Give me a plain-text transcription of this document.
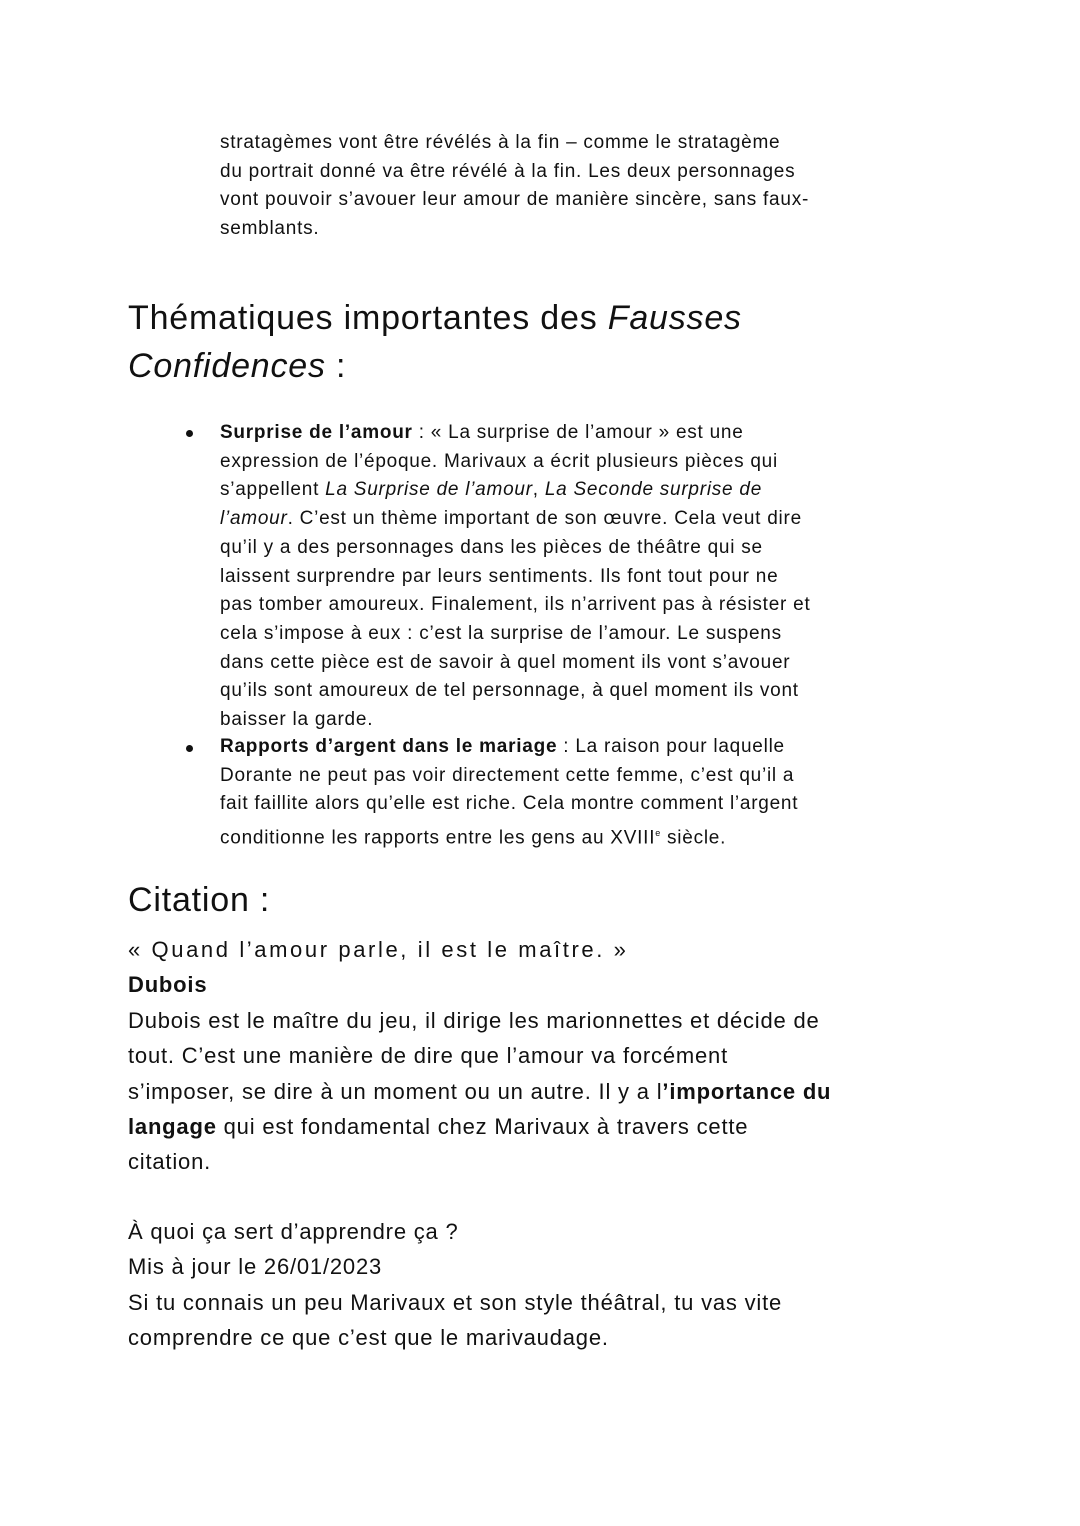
stratagèmes vont être révélés à la fin – comme le stratagème
du portrait donné va être révélé à la fin. Les deux personnages
vont pouvoir s’avouer leur amour de manière sincère, sans faux-
semblants.
Thématiques importantes des Fausses
Confidences :
Surprise de l’amour : « La surprise de l’amour » est une
expression de l’époque. Marivaux a écrit plusieurs pièces qui
s’appellent La Surprise de l’amour, La Seconde surprise de
l’amour. C’est un thème important de son œuvre. Cela veut dire
qu’il y a des personnages dans les pièces de théâtre qui se
laissent surprendre par leurs sentiments. Ils font tout pour ne
pas tomber amoureux. Finalement, ils n’arrivent pas à résister et
cela s’impose à eux : c’est la surprise de l’amour. Le suspens
dans cette pièce est de savoir à quel moment ils vont s’avouer
qu’ils sont amoureux de tel personnage, à quel moment ils vont
baisser la garde.
Rapports d’argent dans le mariage : La raison pour laquelle
Dorante ne peut pas voir directement cette femme, c’est qu’il a
fait faillite alors qu’elle est riche. Cela montre comment l’argent
conditionne les rapports entre les gens au XVIIIe siècle.
Citation :
« Quand l’amour parle, il est le maître. »
Dubois
Dubois est le maître du jeu, il dirige les marionnettes et décide de
tout. C’est une manière de dire que l’amour va forcément
s’imposer, se dire à un moment ou un autre. Il y a l’importance du
langage qui est fondamental chez Marivaux à travers cette
citation.
À quoi ça sert d’apprendre ça ?
Mis à jour le 26/01/2023
Si tu connais un peu Marivaux et son style théâtral, tu vas vite
comprendre ce que c’est que le marivaudage.
